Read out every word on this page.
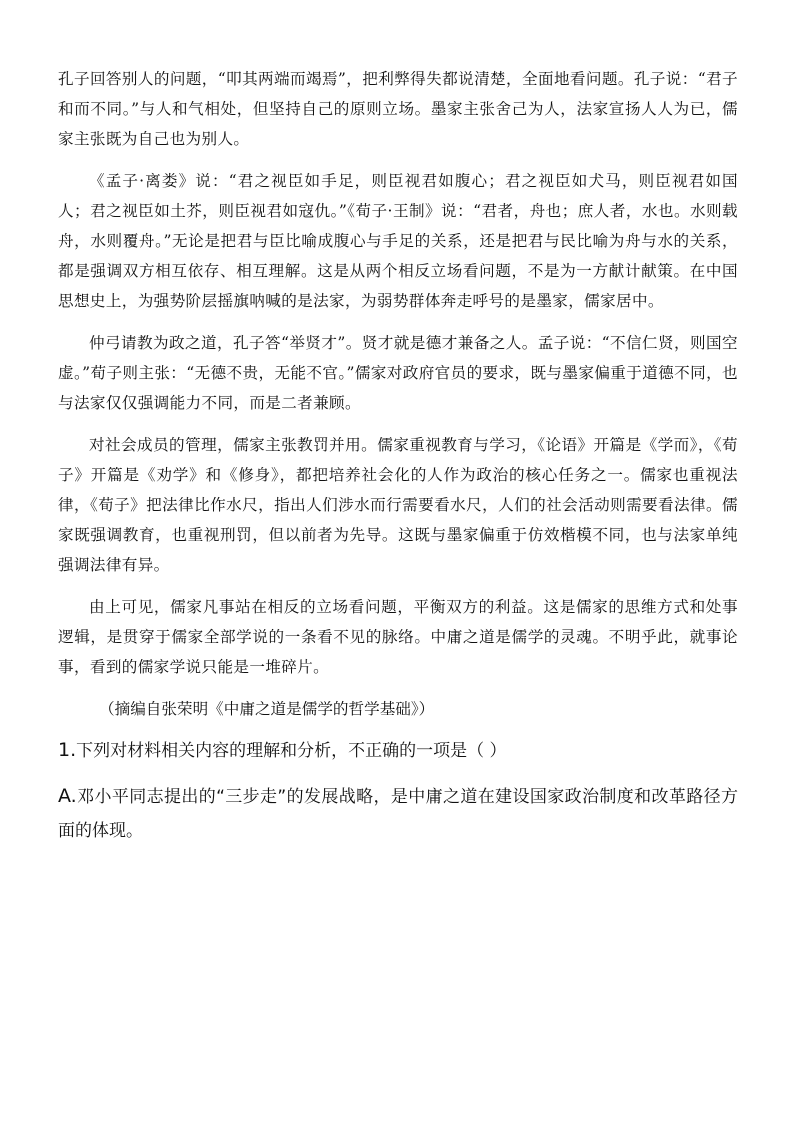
孔子回答别人的问题，“叩其两端而竭焉”，把利弊得失都说清楚，全面地看问题。孔子说：“君子和而不同。”与人和气相处，但坚持自己的原则立场。墨家主张舍己为人，法家宣扬人人为已，儒家主张既为自己也为别人。

《孟子·离娄》说：“君之视臣如手足，则臣视君如腹心；君之视臣如犬马，则臣视君如国人；君之视臣如土芥，则臣视君如寇仇。”《荀子·王制》说：“君者，舟也；庶人者，水也。水则载舟，水则覆舟。”无论是把君与臣比喻成腹心与手足的关系，还是把君与民比喻为舟与水的关系，都是强调双方相互依存、相互理解。这是从两个相反立场看问题，不是为一方献计献策。在中国思想史上，为强势阶层摇旗呐喊的是法家，为弱势群体奔走呼号的是墨家，儒家居中。

仲弓请教为政之道，孔子答“举贤才”。贤才就是德才兼备之人。孟子说：“不信仁贤，则国空虚。”荀子则主张：“无德不贵，无能不官。”儒家对政府官员的要求，既与墨家偏重于道德不同，也与法家仅仅强调能力不同，而是二者兼顾。

对社会成员的管理，儒家主张教罚并用。儒家重视教育与学习，《论语》开篇是《学而》，《荀子》开篇是《劝学》和《修身》，都把培养社会化的人作为政治的核心任务之一。儒家也重视法律，《荀子》把法律比作水尺，指出人们涉水而行需要看水尺，人们的社会活动则需要看法律。儒家既强调教育，也重视刑罚，但以前者为先导。这既与墨家偏重于仿效楷模不同，也与法家单纯强调法律有异。

由上可见，儒家凡事站在相反的立场看问题，平衡双方的利益。这是儒家的思维方式和处事逻辑，是贯穿于儒家全部学说的一条看不见的脉络。中庸之道是儒学的灵魂。不明乎此，就事论事，看到的儒家学说只能是一堆碎片。

（摘编自张荣明《中庸之道是儒学的哲学基础》）

1.下列对材料相关内容的理解和分析，不正确的一项是（ ）

A.邓小平同志提出的“三步走”的发展战略，是中庸之道在建设国家政治制度和改革路径方面的体现。
